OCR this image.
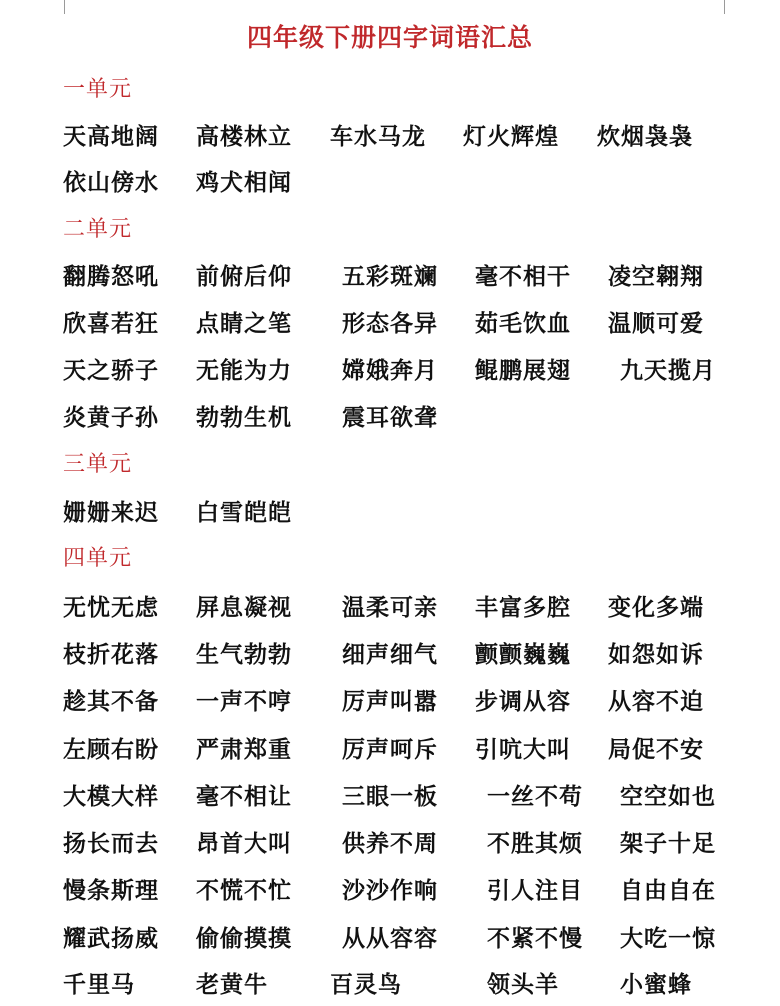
四年级下册四字词语汇总
一单元
天高地阔 高楼林立 车水马龙 灯火辉煌 炊烟袅袅
依山傍水 鸡犬相闻
二单元
翻腾怒吼 前俯后仰 五彩斑斓 毫不相干 凌空翱翔
欣喜若狂 点睛之笔 形态各异 茹毛饮血 温顺可爱
天之骄子 无能为力 嫦娥奔月 鲲鹏展翅 九天揽月
炎黄子孙 勃勃生机 震耳欲聋
三单元
姗姗来迟 白雪皑皑
四单元
无忧无虑 屏息凝视 温柔可亲 丰富多腔 变化多端
枝折花落 生气勃勃 细声细气 颤颤巍巍 如怨如诉
趁其不备 一声不哼 厉声叫嚣 步调从容 从容不迫
左顾右盼 严肃郑重 厉声呵斥 引吭大叫 局促不安
大模大样 毫不相让 三眼一板 一丝不苟 空空如也
扬长而去 昂首大叫 供养不周 不胜其烦 架子十足
慢条斯理 不慌不忙 沙沙作响 引人注目 自由自在
耀武扬威 偷偷摸摸 从从容容 不紧不慢 大吃一惊
千里马	老黄牛	百灵鸟	领头羊	小蜜蜂
